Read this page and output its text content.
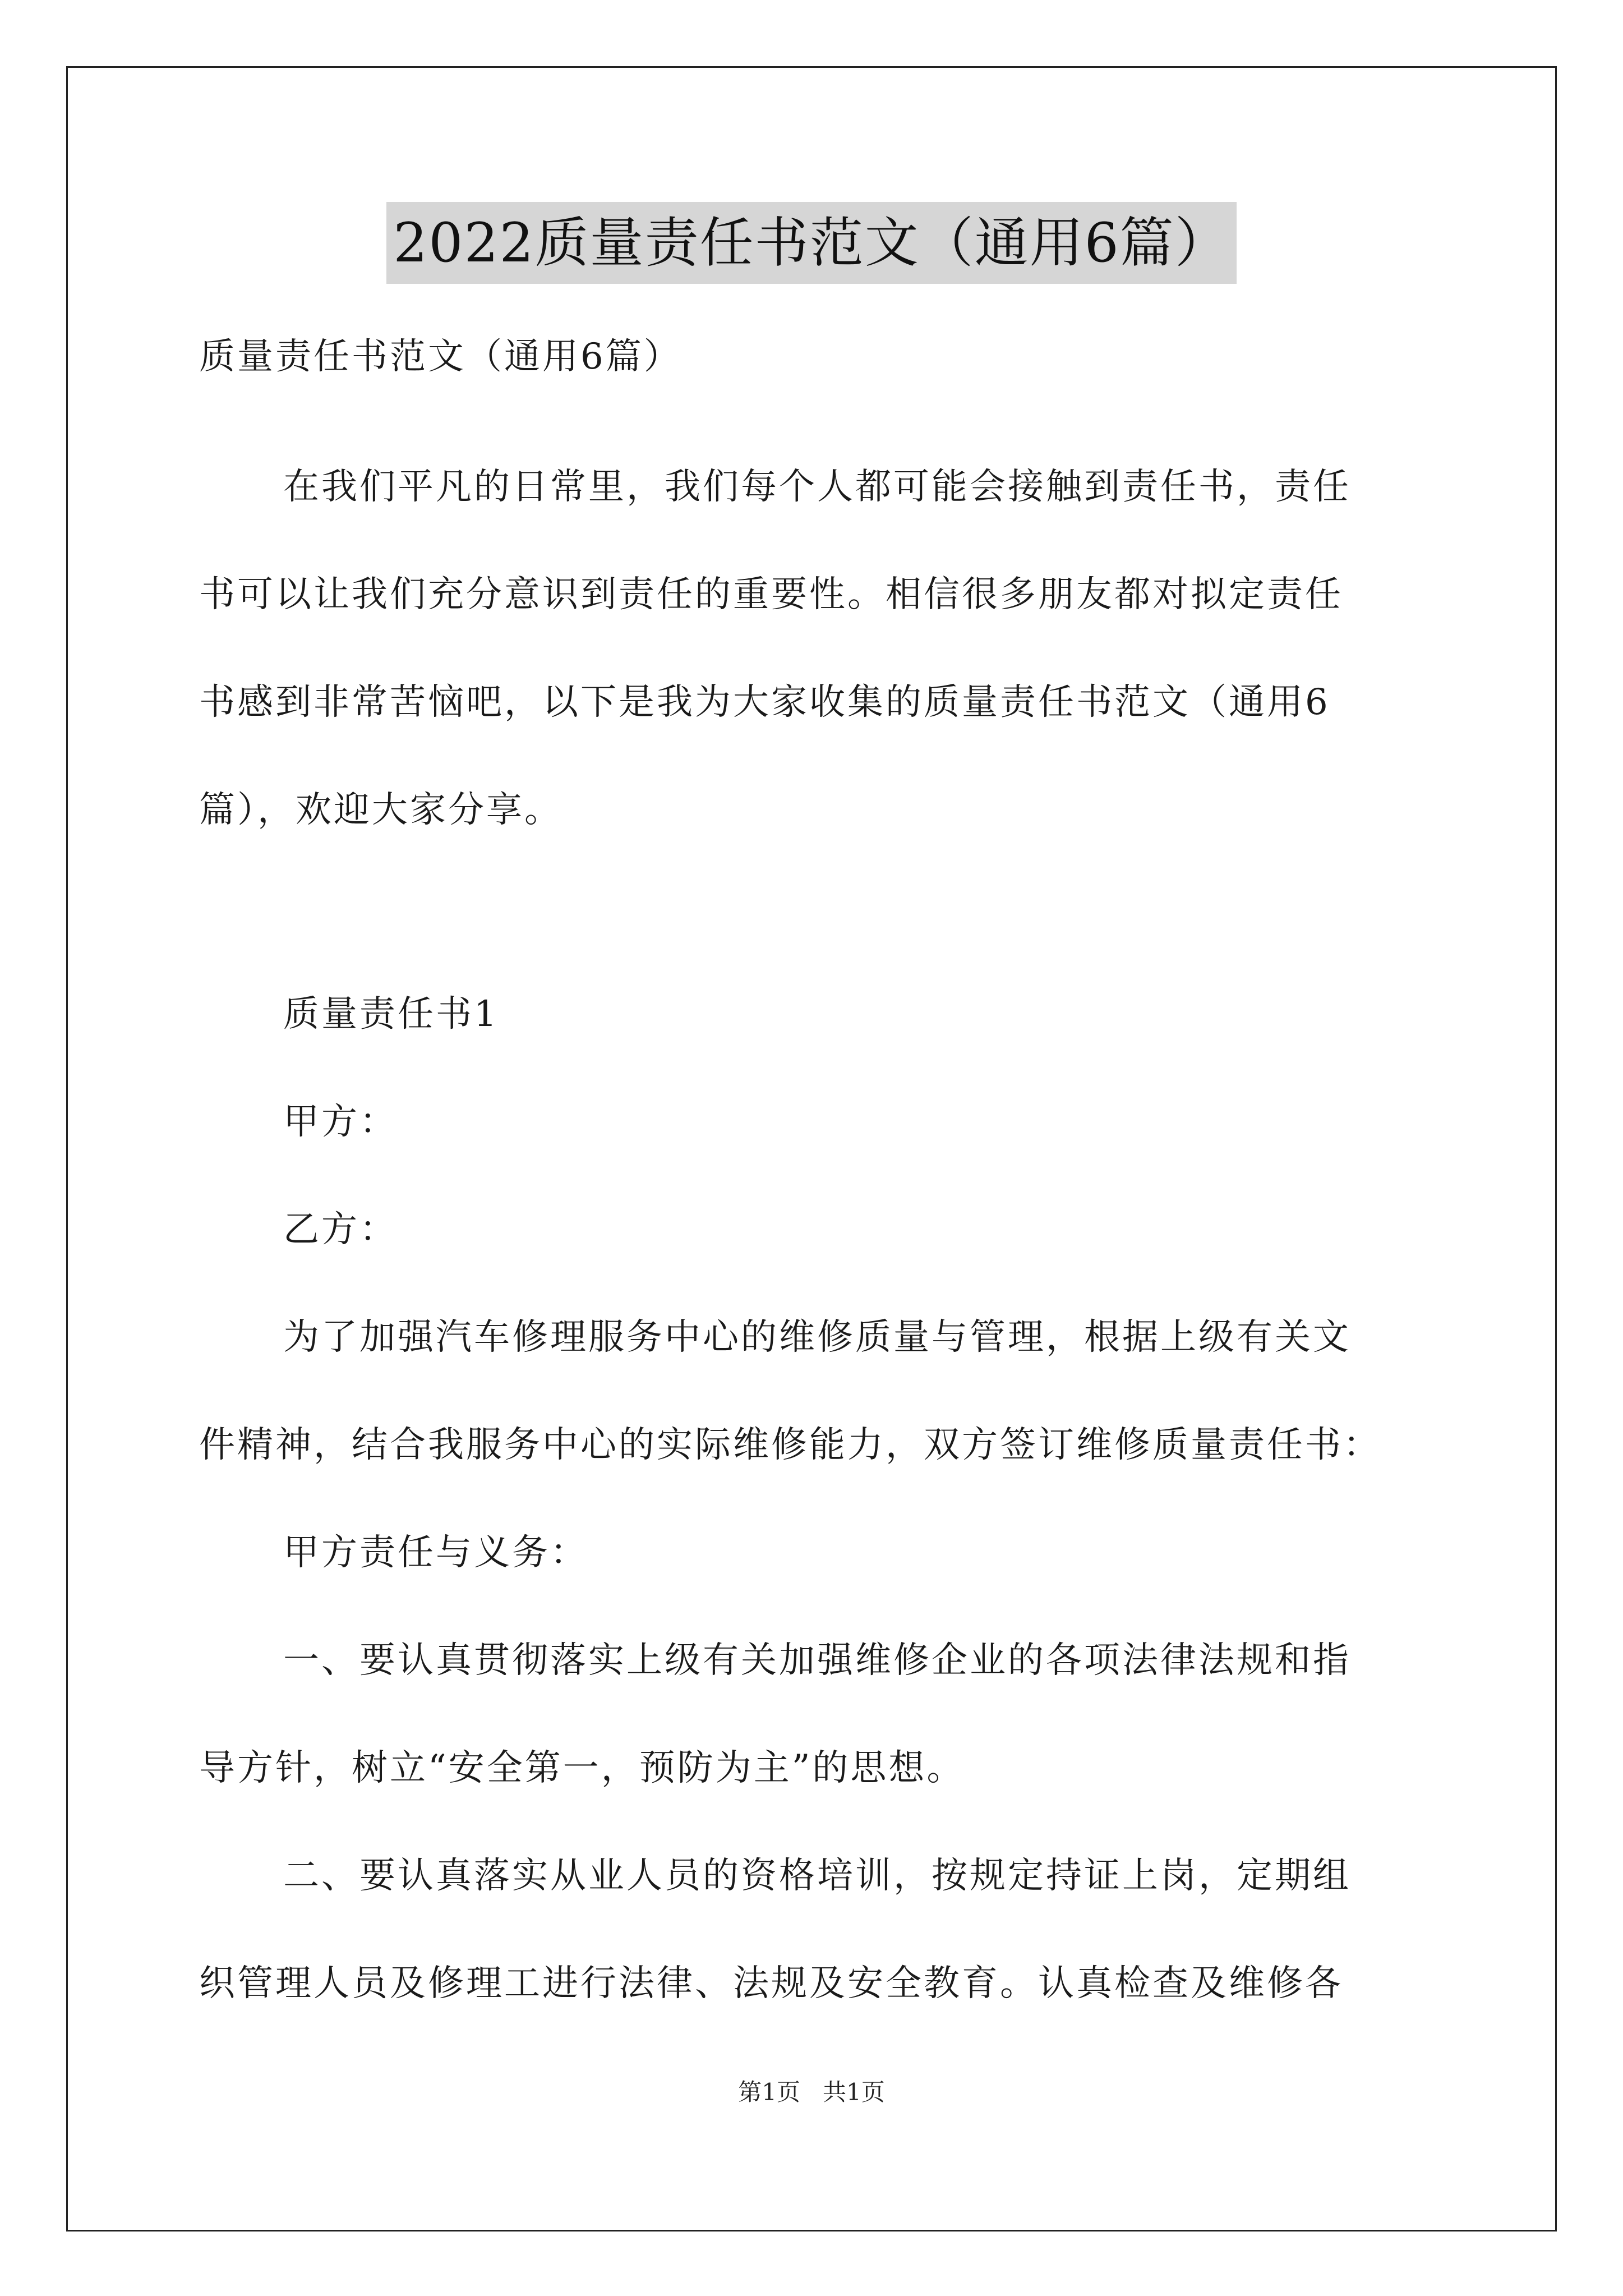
2022质量责任书范文（通用6篇）

质量责任书范文（通用6篇）

在我们平凡的日常里，我们每个人都可能会接触到责任书，责任

书可以让我们充分意识到责任的重要性。相信很多朋友都对拟定责任

书感到非常苦恼吧，以下是我为大家收集的质量责任书范文（通用6

篇），欢迎大家分享。

质量责任书1

甲方：

乙方：

为了加强汽车修理服务中心的维修质量与管理，根据上级有关文

件精神，结合我服务中心的实际维修能力，双方签订维修质量责任书：

甲方责任与义务：

一、要认真贯彻落实上级有关加强维修企业的各项法律法规和指

导方针，树立“安全第一，预防为主”的思想。

二、要认真落实从业人员的资格培训，按规定持证上岗，定期组

织管理人员及修理工进行法律、法规及安全教育。认真检查及维修各

第1页 共1页
